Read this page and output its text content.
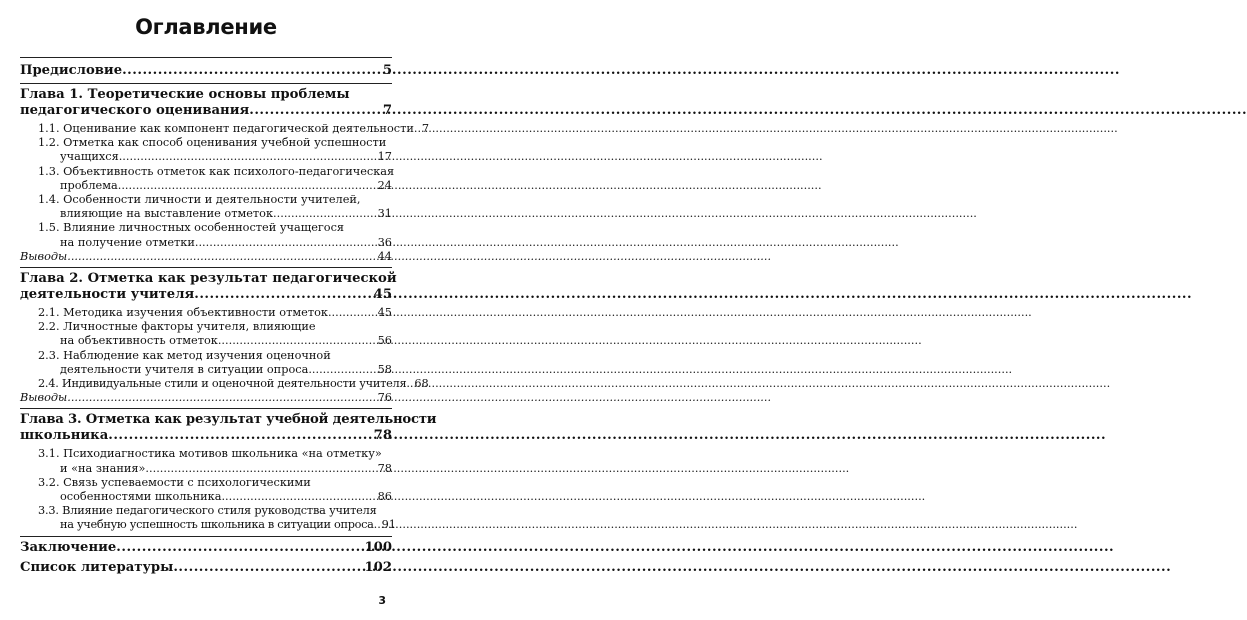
Оглавление
Предисловие .....	5
Глава 1. Теоретические основы проблемы
педагогического оценивания .....	7
1.1. Оценивание как компонент педагогической деятельности ..... 7
1.2. Отметка как способ оценивания учебной успешности
учащихся .....	17
1.3. Объективность отметок как психолого-педагогическая
проблема .....	24
1.4. Особенности личности и деятельности учителей,
влияющие на выставление отметок .....	31
1.5. Влияние личностных особенностей учащегося
на получение отметки .....	36
Выводы .....	44
Глава 2. Отметка как результат педагогической
деятельности учителя .....	45
2.1. Методика изучения объективности отметок .....	45
2.2. Личностные факторы учителя, влияющие
на объективность отметок .....	56
2.3. Наблюдение как метод изучения оценочной
деятельности учителя в ситуации опроса .....	58
2.4. Индивидуальные стили и оценочной деятельности учителя ..... 68
Выводы .....	76
Глава 3. Отметка как результат учебной деятельности
школьника .....	78
3.1. Психодиагностика мотивов школьника «на отметку»
и «на знания» .....	78
3.2. Связь успеваемости с психологическими
особенностями школьника .....	86
3.3. Влияние педагогического стиля руководства учителя
на учебную успешность школьника в ситуации опроса ..... 91
Заключение .....	100
Список литературы .....	102
3
